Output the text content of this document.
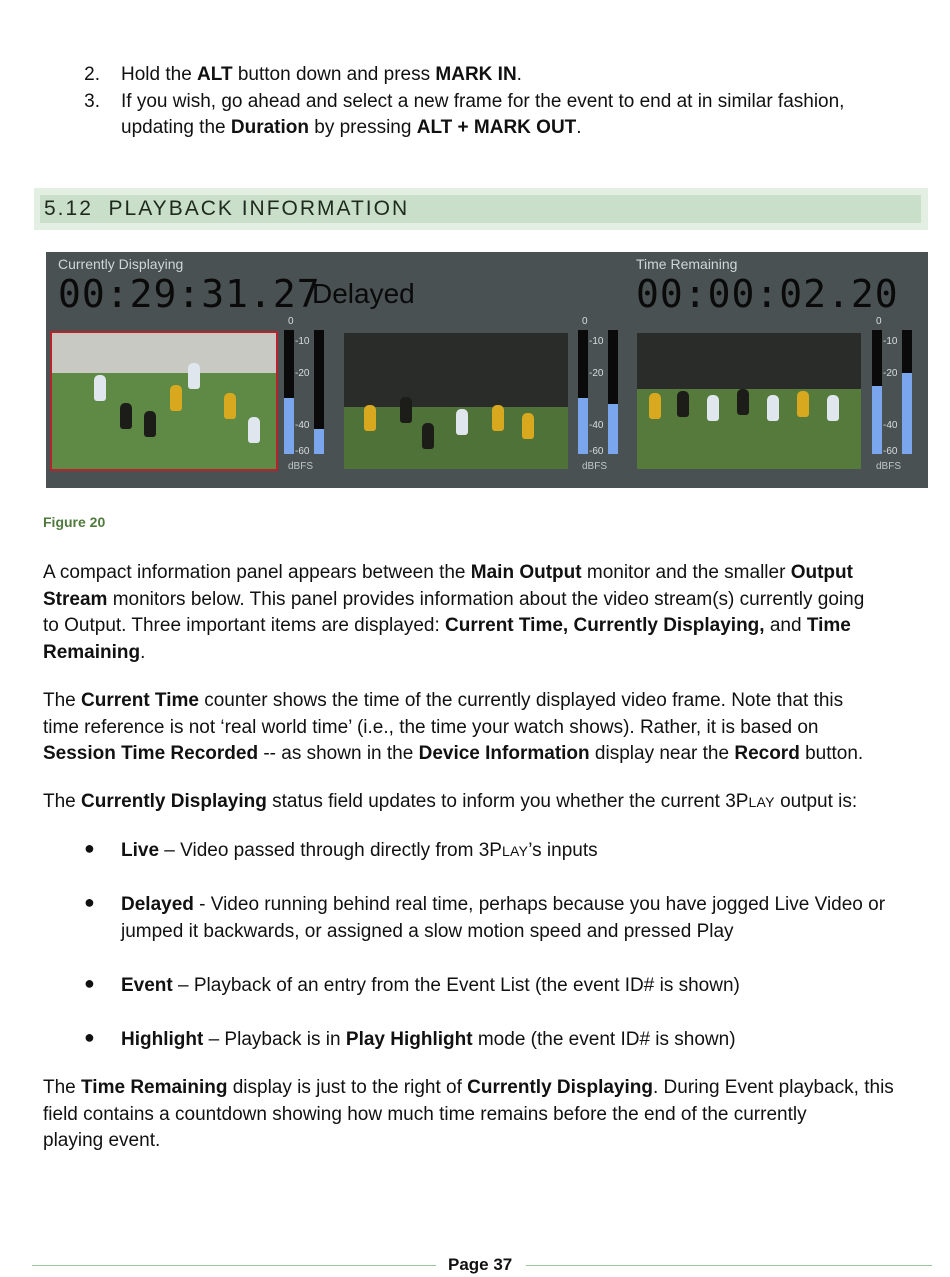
2. Hold the ALT button down and press MARK IN.
3. If you wish, go ahead and select a new frame for the event to end at in similar fashion,
updating the Duration by pressing ALT + MARK OUT.
5.12 PLAYBACK INFORMATION
Currently Displaying
00:29:31.27
Delayed
Time Remaining
00:00:02.20
0
-10
-20
-40
-60
dBFS
0
-10
-20
-40
-60
dBFS
0
-10
-20
-40
-60
dBFS
Figure 20
A compact information panel appears between the Main Output monitor and the smaller Output
Stream monitors below. This panel provides information about the video stream(s) currently going
to Output. Three important items are displayed: Current Time, Currently Displaying, and Time
Remaining.
The Current Time counter shows the time of the currently displayed video frame. Note that this
time reference is not ‘real world time’ (i.e., the time your watch shows). Rather, it is based on
Session Time Recorded -- as shown in the Device Information display near the Record button.
The Currently Displaying status field updates to inform you whether the current 3PLAY output is:
● Live – Video passed through directly from 3PLAY’s inputs
● Delayed - Video running behind real time, perhaps because you have jogged Live Video or
jumped it backwards, or assigned a slow motion speed and pressed Play
● Event – Playback of an entry from the Event List (the event ID# is shown)
● Highlight – Playback is in Play Highlight mode (the event ID# is shown)
The Time Remaining display is just to the right of Currently Displaying. During Event playback, this
field contains a countdown showing how much time remains before the end of the currently
playing event.
Page 37
